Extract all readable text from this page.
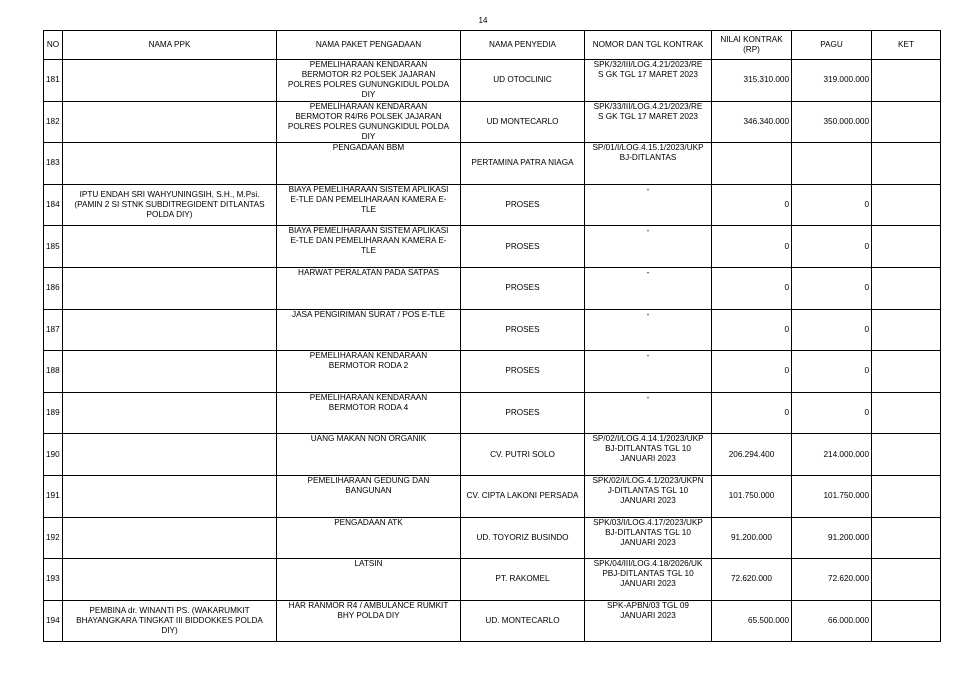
14
NO	NAMA PPK	NAMA PAKET PENGADAAN	NAMA PENYEDIA	NOMOR DAN TGL KONTRAK	NILAI KONTRAK
(RP)	PAGU	KET
181		PEMELIHARAAN KENDARAAN
BERMOTOR R2 POLSEK JAJARAN
POLRES POLRES GUNUNGKIDUL POLDA
DIY	UD OTOCLINIC	SPK/32/III/LOG.4.21/2023/RE
S GK TGL 17 MARET 2023	315.310.000	319.000.000	
182		PEMELIHARAAN KENDARAAN
BERMOTOR R4/R6 POLSEK JAJARAN
POLRES POLRES GUNUNGKIDUL POLDA
DIY	UD MONTECARLO	SPK/33/III/LOG.4.21/2023/RE
S GK TGL 17 MARET 2023	346.340.000	350.000.000	
183		PENGADAAN BBM	PERTAMINA PATRA NIAGA	SP/01/I/LOG.4.15.1/2023/UKP
BJ-DITLANTAS			
184	IPTU ENDAH SRI WAHYUNINGSIH, S.H., M.Psi.
(PAMIN 2 SI STNK SUBDITREGIDENT DITLANTAS
POLDA DIY)	BIAYA PEMELIHARAAN SISTEM APLIKASI
E-TLE DAN PEMELIHARAAN KAMERA E-
TLE	PROSES	-	0	0	
185		BIAYA PEMELIHARAAN SISTEM APLIKASI
E-TLE DAN PEMELIHARAAN KAMERA E-
TLE	PROSES	-	0	0	
186		HARWAT PERALATAN PADA SATPAS	PROSES	-	0	0	
187		JASA PENGIRIMAN SURAT / POS E-TLE	PROSES	-	0	0	
188		PEMELIHARAAN KENDARAAN
BERMOTOR RODA 2	PROSES	-	0	0	
189		PEMELIHARAAN KENDARAAN
BERMOTOR RODA 4	PROSES	-	0	0	
190		UANG MAKAN NON ORGANIK	CV. PUTRI SOLO	SP/02/I/LOG.4.14.1/2023/UKP
BJ-DITLANTAS TGL 10
JANUARI 2023	206.294.400	214.000.000	
191		PEMELIHARAAN GEDUNG DAN
BANGUNAN	CV. CIPTA LAKONI PERSADA	SPK/02/I/LOG.4.1/2023/UKPN
J-DITLANTAS TGL 10
JANUARI 2023	101.750.000	101.750.000	
192		PENGADAAN ATK	UD. TOYORIZ BUSINDO	SPK/03/I/LOG.4.17/2023/UKP
BJ-DITLANTAS TGL 10
JANUARI 2023	91.200.000	91.200.000	
193		LATSIN	PT. RAKOMEL	SPK/04/III/LOG.4.18/2026/UK
PBJ-DITLANTAS TGL 10
JANUARI 2023	72.620.000	72.620.000	
194	PEMBINA dr. WINANTI PS. (WAKARUMKIT
BHAYANGKARA TINGKAT III BIDDOKKES POLDA
DIY)	HAR RANMOR R4 / AMBULANCE RUMKIT
BHY POLDA DIY	UD. MONTECARLO	SPK-APBN/03 TGL 09
JANUARI 2023	65.500.000	66.000.000	
